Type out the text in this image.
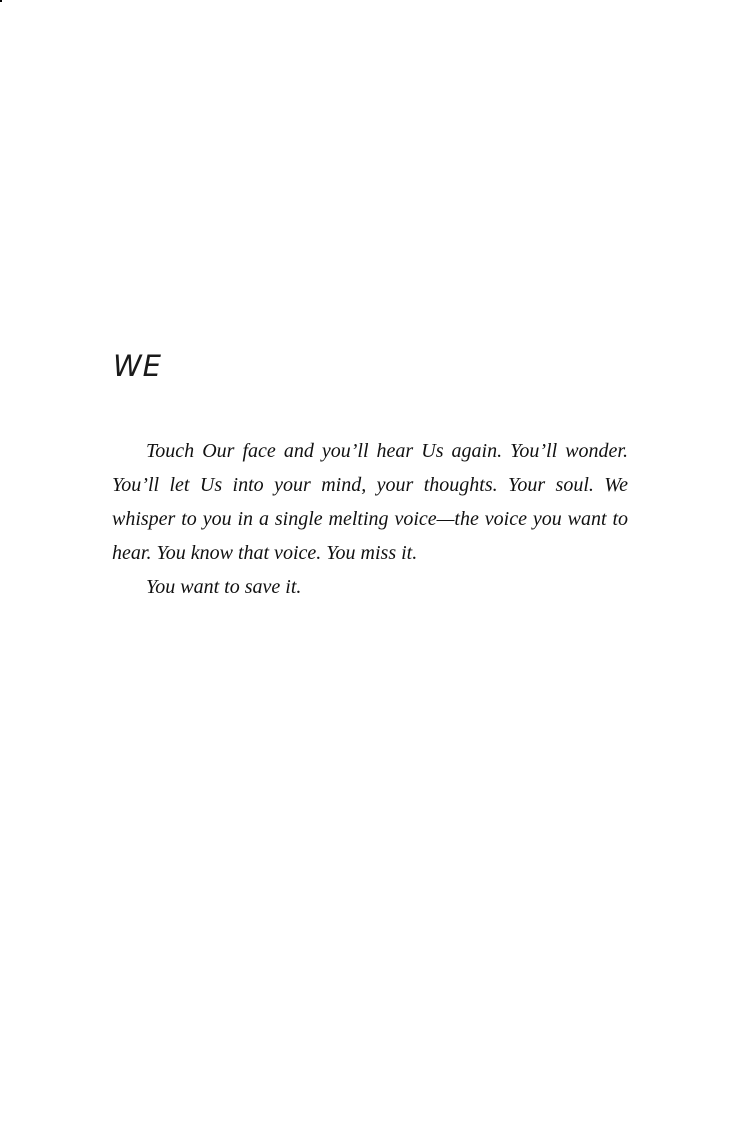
WE

Touch Our face and you’ll hear Us again. You’ll wonder. You’ll let Us into your mind, your thoughts. Your soul. We whisper to you in a single melting voice—the voice you want to hear. You know that voice. You miss it.

You want to save it.
